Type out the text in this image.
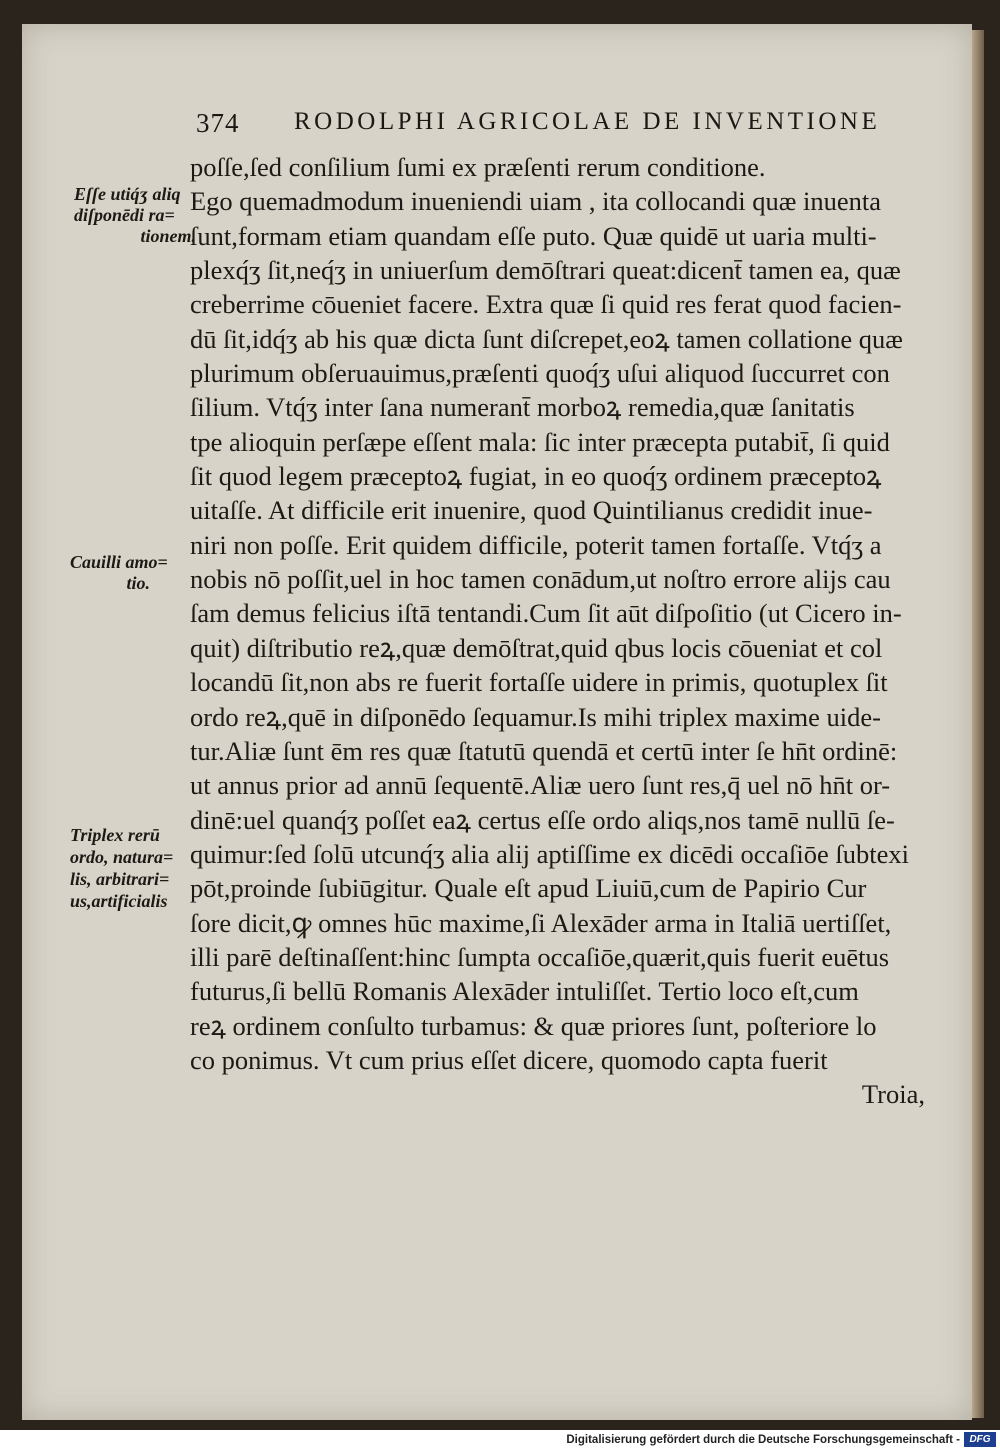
374 RODOLPHI AGRICOLAE DE INVENTIONE
Eſſe utiq́ʒ aliq
diſponēdi ra=
tionem.
Cauilli amo=
tio.
Triplex rerū
ordo, natura=
lis, arbitrari=
us,artificialis
poſſe,ſed conſilium ſumi ex præſenti rerum conditione.
Ego quemadmodum inueniendi uiam , ita collocandi quæ inuenta
ſunt,formam etiam quandam eſſe puto. Quæ quidē ut uaria multi-
plexq́ʒ ſit,neq́ʒ in uniuerſum demōſtrari queat:dicent̄ tamen ea, quæ
creberrime cōueniet facere. Extra quæ ſi quid res ferat quod facien-
dū ſit,idq́ʒ ab his quæ dicta ſunt diſcrepet,eoꝝ tamen collatione quæ
plurimum obſeruauimus,præſenti quoq́ʒ uſui aliquod ſuccurret con
ſilium. Vtq́ʒ inter ſana numerant̄ morboꝝ remedia,quæ ſanitatis
tpe alioquin perſæpe eſſent mala: ſic inter præcepta putabit̄, ſi quid
ſit quod legem præceptoꝝ fugiat, in eo quoq́ʒ ordinem præceptoꝝ
uitaſſe. At difficile erit inuenire, quod Quintilianus credidit inue-
niri non poſſe. Erit quidem difficile, poterit tamen fortaſſe. Vtq́ʒ a
nobis nō poſſit,uel in hoc tamen conādum,ut noſtro errore alijs cau
ſam demus felicius iſtā tentandi.Cum ſit aūt diſpoſitio (ut Cicero in-
quit) diſtributio reꝝ,quæ demōſtrat,quid qbus locis cōueniat et col
locandū ſit,non abs re fuerit fortaſſe uidere in primis, quotuplex ſit
ordo reꝝ,quē in diſponēdo ſequamur.Is mihi triplex maxime uide-
tur.Aliæ ſunt ēm res quæ ſtatutū quendā et certū inter ſe hn̄t ordinē:
ut annus prior ad annū ſequentē.Aliæ uero ſunt res,q̄ uel nō hn̄t or-
dinē:uel quanq́ʒ poſſet eaꝝ certus eſſe ordo aliqs,nos tamē nullū ſe-
quimur:ſed ſolū utcunq́ʒ alia alij aptiſſime ex dicēdi occaſiōe ſubtexi
pōt,proinde ſubiūgitur. Quale eſt apud Liuiū,cum de Papirio Cur
ſore dicit,ꝙ omnes hūc maxime,ſi Alexāder arma in Italiā uertiſſet,
illi parē deſtinaſſent:hinc ſumpta occaſiōe,quærit,quis fuerit euētus
futurus,ſi bellū Romanis Alexāder intuliſſet. Tertio loco eſt,cum
reꝝ ordinem conſulto turbamus: & quæ priores ſunt, poſteriore lo
co ponimus. Vt cum prius eſſet dicere, quomodo capta fuerit
Troia,
Digitalisierung gefördert durch die Deutsche Forschungsgemeinschaft - DFG
